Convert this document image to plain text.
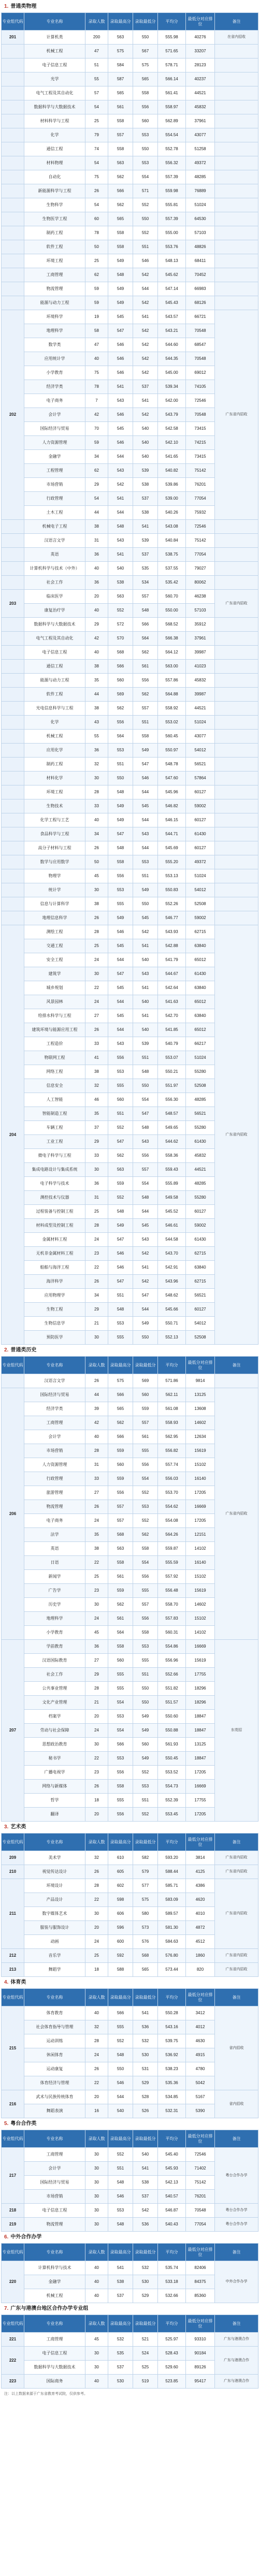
1. 普通类物理
专业组代码	专业名称	录取人数	录取最高分	录取最低分	平均分	最低分对应排位	备注
201	计算机类	200	563	550	555.98	40276	在省内招收
	机械工程	47	575	567	571.65	33207	
	电子信息工程	51	584	575	578.71	28123	
	光学	55	587	565	566.14	40237	
	电气工程及其自动化	57	565	558	561.41	44521	
	数据科学与大数据技术	54	561	556	558.97	45832	
	材料科学与工程	25	558	560	562.89	37961	
	化学	79	557	553	554.54	43077	
	通信工程	74	558	550	552.78	51258	
	材料物理	54	563	553	556.32	49372	
	自动化	75	562	554	557.39	48285	
	新能源科学与工程	26	566	571	559.98	76889	
	生物科学	54	562	552	555.81	51024	
	生物医学工程	60	565	550	557.39	64530	
	制药工程	78	558	552	555.00	57103	
	软件工程	50	558	551	553.76	48826	
	环境工程	25	549	546	548.13	68411	
	工商管理	62	548	542	545.62	70452	
	物流管理	59	549	544	547.14	66983	
	能源与动力工程	59	549	542	545.43	68126	
202	环境科学	19	545	541	543.57	66721	广东省内招收
	地理科学	58	547	542	543.21	70548	
	数学类	47	546	542	544.60	68547	
	应用统计学	40	546	542	544.35	70548	
	小学教育	75	546	542	545.00	69012	
	经济学类	78	541	537	539.34	74105	
	电子商务	7	543	541	542.00	72546	
	会计学	42	546	542	543.79	70548	
	国际经济与贸易	70	545	540	542.58	73415	
	人力资源管理	59	546	540	542.10	74215	
	金融学	34	544	540	541.65	73415	
	工程管理	62	543	539	540.82	75142	
	市场营销	29	542	538	539.86	76201	
	行政管理	54	541	537	539.00	77054	
	土木工程	44	544	538	540.26	75932	
	机械电子工程	38	548	541	543.08	72546	
	汉语言文学	31	543	539	540.84	75142	
	英语	36	541	537	538.75	77054	
	计算机科学与技术（中外）	40	540	535	537.55	79027	
	社会工作	36	538	534	535.42	80062	
203	临床医学	20	563	557	560.70	46238	广东省内招收
	康复治疗学	40	552	548	550.00	57103	
	数据科学与大数据技术	29	572	566	568.52	35912	
	电气工程及其自动化	42	570	564	566.38	37961	
	电子信息工程	40	568	562	564.12	39987	
	通信工程	38	566	561	563.00	41023	
	能源与动力工程	35	560	556	557.86	45832	
	软件工程	44	569	562	564.88	39987	
	光电信息科学与工程	38	562	557	558.92	44521	
	化学	43	556	551	553.02	51024	
	机械工程	55	564	558	560.45	43077	
	应用化学	36	553	549	550.97	54012	
	制药工程	32	551	547	548.78	56521	
	材料化学	30	550	546	547.60	57864	
	环境工程	28	548	544	545.96	60127	
	生物技术	33	549	545	546.82	59002	
	化学工程与工艺	40	549	544	546.15	60127	
	食品科学与工程	34	547	543	544.71	61430	
	高分子材料与工程	26	548	544	545.69	60127	
	数学与应用数学	50	558	553	555.20	49372	
	物理学	45	556	551	553.13	51024	
	统计学	30	553	549	550.83	54012	
	信息与计算科学	38	555	550	552.26	52508	
	地理信息科学	26	549	545	546.77	59002	
204	测绘工程	28	546	542	543.93	62715	广东省内招收
	交通工程	25	545	541	542.88	63840	
	安全工程	24	544	540	541.79	65012	
	建筑学	30	547	543	544.67	61430	
	城乡规划	22	545	541	542.64	63840	
	风景园林	24	544	540	541.63	65012	
	给排水科学与工程	27	545	541	542.70	63840	
	建筑环境与能源应用工程	26	544	540	541.85	65012	
	工程造价	33	543	539	540.79	66217	
	物联网工程	41	556	551	553.07	51024	
	网络工程	38	553	548	550.21	55280	
	信息安全	32	555	550	551.97	52508	
	人工智能	46	560	554	556.30	48285	
	智能制造工程	35	551	547	548.57	56521	
	车辆工程	37	552	548	549.65	55280	
	工业工程	29	547	543	544.62	61430	
	微电子科学与工程	33	562	556	558.36	45832	
	集成电路设计与集成系统	30	563	557	559.43	44521	
	电子科学与技术	36	559	554	555.89	48285	
	测控技术与仪器	31	552	548	549.58	55280	
	过程装备与控制工程	25	548	544	545.52	60127	
	材料成型及控制工程	28	549	545	546.61	59002	
	金属材料工程	24	547	543	544.58	61430	
	无机非金属材料工程	23	546	542	543.70	62715	
	船舶与海洋工程	22	546	541	542.91	63840	
	海洋科学	26	547	542	543.96	62715	
	应用物理学	34	551	547	548.62	56521	
	生物工程	29	548	544	545.66	60127	
	生物信息学	21	553	549	550.71	54012	
	预防医学	30	555	550	552.13	52508	
2. 普通类历史
专业组代码	专业名称	录取人数	录取最高分	录取最低分	平均分	最低分对应排位	备注
	汉语言文学	26	575	569	571.86	9814	
206	国际经济与贸易	44	566	560	562.11	13125	广东省内招收
	经济学类	39	565	559	561.08	13608	
	工商管理	42	562	557	558.93	14602	
	会计学	40	566	561	562.95	12634	
	市场营销	28	559	555	556.82	15619	
	人力资源管理	31	560	556	557.74	15102	
	行政管理	33	559	554	556.03	16140	
	旅游管理	27	556	552	553.70	17205	
	物流管理	26	557	553	554.62	16669	
	电子商务	24	557	552	554.08	17205	
	法学	35	568	562	564.26	12151	
	英语	38	563	558	559.87	14102	
	日语	22	558	554	555.59	16140	
	新闻学	25	561	556	557.92	15102	
	广告学	23	559	555	556.48	15619	
	历史学	30	562	557	558.70	14602	
	地理科学	24	561	556	557.83	15102	
	小学教育	45	564	558	560.31	14102	
207	学前教育	36	558	553	554.86	16669	东莞招
	汉语国际教育	27	560	555	556.96	15619	
	社会工作	29	555	551	552.66	17755	
	公共事业管理	28	555	550	551.82	18296	
	文化产业管理	21	554	550	551.57	18296	
	档案学	20	553	549	550.60	18847	
	劳动与社会保障	24	554	549	550.88	18847	
	思想政治教育	30	566	560	561.93	13125	
	秘书学	22	553	549	550.45	18847	
	广播电视学	23	556	552	553.52	17205	
	网络与新媒体	26	558	553	554.73	16669	
	哲学	18	555	551	552.39	17755	
	翻译	20	556	552	553.45	17205	
3. 艺术类
专业组代码	专业名称	录取人数	录取最高分	录取最低分	平均分	最低分对应排位	备注
209	美术学	32	610	582	593.20	3814	广东省内招收
210	视觉传达设计	26	605	579	588.44	4125	广东省内招收
211	环境设计	28	602	577	585.71	4386	广东省内招收
	产品设计	22	598	575	583.09	4620	
	数字媒体艺术	30	606	580	589.57	4010	
	服装与服饰设计	20	596	573	581.30	4872	
	动画	24	600	576	584.63	4512	
212	音乐学	25	592	568	576.80	1860	广东省内招收
213	舞蹈学	18	588	565	573.44	820	广东省内招收
4. 体育类
专业组代码	专业名称	录取人数	录取最高分	录取最低分	平均分	最低分对应排位	备注
215	体育教育	40	566	541	550.28	3412	省内招收
	社会体育指导与管理	32	555	536	543.16	4012	
	运动训练	28	552	532	539.75	4630	
	休闲体育	24	548	530	536.92	4915	
	运动康复	26	550	531	538.23	4780	
	体育经济与管理	22	546	529	535.36	5042	
216	武术与民族传统体育	20	544	528	534.85	5167	省内招收
	舞蹈表演	16	540	526	532.31	5390	
5. 粤台合作类
专业组代码	专业名称	录取人数	录取最高分	录取最低分	平均分	最低分对应排位	备注
217	工商管理	30	552	540	545.40	72546	粤台合作办学
	会计学	30	551	541	545.93	71402	
	国际经济与贸易	30	548	538	542.13	75142	
	市场营销	30	546	537	540.57	76201	
218	电子信息工程	30	553	542	546.87	70548	粤台合作办学
219	物流管理	30	548	536	540.43	77054	粤台合作办学
6. 中外合作办学
专业组代码	专业名称	录取人数	录取最高分	录取最低分	平均分	最低分对应排位	备注
220	计算机科学与技术	40	541	532	535.74	82406	中外合作办学
	金融学	40	538	530	533.18	84375	
	机械工程	40	537	529	532.66	85360	
7. 广东与港澳台地区合作办学专业组
专业组代码	专业名称	录取人数	录取最高分	录取最低分	平均分	最低分对应排位	备注
221	工商管理	45	532	521	525.97	93310	广东与港澳合作
222	电子信息工程	30	535	524	528.43	90184	广东与港澳合作
	数据科学与大数据技术	30	537	525	529.60	89126	
223	国际商务	40	530	519	523.85	95417	广东与港澳合作
注：以上数据来源于广东省教育考试院，仅供参考。
